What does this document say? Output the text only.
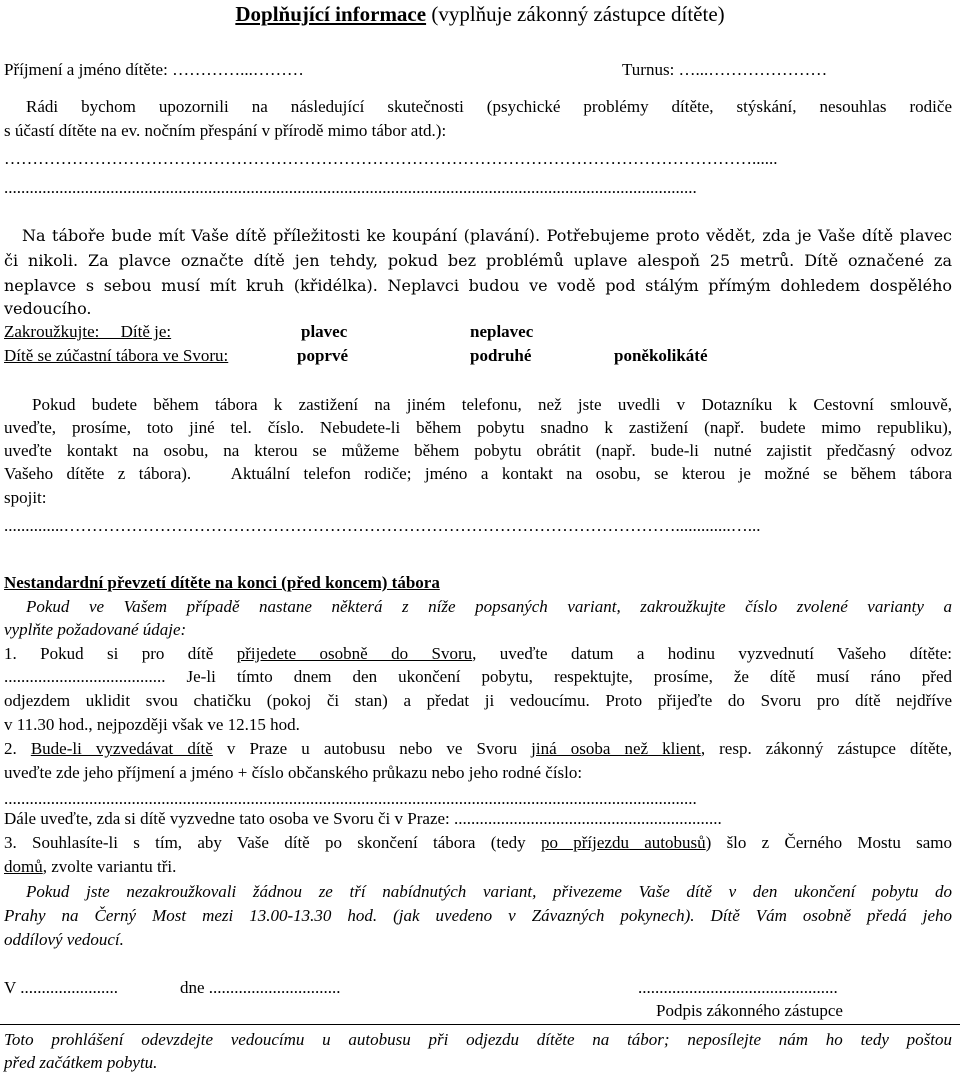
Doplňující informace (vyplňuje zákonný zástupce dítěte)
Příjmení a jméno dítěte: …………...………	Turnus: …...…………………
Rádi bychom upozornili na následující skutečnosti (psychické problémy dítěte, stýskání, nesouhlas rodiče
s účastí dítěte na ev. nočním přespání v přírodě mimo tábor atd.):
……………………………………………………………………………………………………………………......
...................................................................................................................................................................
Na táboře bude mít Vaše dítě příležitosti ke koupání (plavání). Potřebujeme proto vědět, zda je Vaše dítě plavec
či nikoli. Za plavce označte dítě jen tehdy, pokud bez problémů uplave alespoň 25 metrů. Dítě označené za
neplavce s sebou musí mít kruh (křidélka). Neplavci budou ve vodě pod stálým přímým dohledem dospělého
vedoucího.
Zakroužkujte:     Dítě je:	plavec	neplavec
Dítě se zúčastní tábora ve Svoru:	poprvé	podruhé	poněkolikáté
Pokud budete během tábora k zastižení na jiném telefonu, než jste uvedli v Dotazníku k Cestovní smlouvě,
uveďte, prosíme, toto jiné tel. číslo. Nebudete-li během pobytu snadno k zastižení (např. budete mimo republiku),
uveďte kontakt na osobu, na kterou se můžeme během pobytu obrátit (např. bude-li nutné zajistit předčasný odvoz
Vašeho dítěte z tábora).   Aktuální telefon rodiče; jméno a kontakt na osobu, se kterou je možné se během tábora
spojit:
..............……………………………………………………………………………………………….............…...
Nestandardní převzetí dítěte na konci (před koncem) tábora
Pokud ve Vašem případě nastane některá z níže popsaných variant, zakroužkujte číslo zvolené varianty a
vyplňte požadované údaje:
1. Pokud si pro dítě přijedete osobně do Svoru, uveďte datum a hodinu vyzvednutí Vašeho dítěte:
...................................... Je-li tímto dnem den ukončení pobytu, respektujte, prosíme, že dítě musí ráno před
odjezdem uklidit svou chatičku (pokoj či stan) a předat ji vedoucímu. Proto přijeďte do Svoru pro dítě nejdříve
v 11.30 hod., nejpozději však ve 12.15 hod.
2. Bude-li vyzvedávat dítě v Praze u autobusu nebo ve Svoru jiná osoba než klient, resp. zákonný zástupce dítěte,
uveďte zde jeho příjmení a jméno + číslo občanského průkazu nebo jeho rodné číslo:
...................................................................................................................................................................
Dále uveďte, zda si dítě vyzvedne tato osoba ve Svoru či v Praze: ...............................................................
3. Souhlasíte-li s tím, aby Vaše dítě po skončení tábora (tedy po příjezdu autobusů) šlo z Černého Mostu samo
domů, zvolte variantu tři.
Pokud jste nezakroužkovali žádnou ze tří nabídnutých variant, přivezeme Vaše dítě v den ukončení pobytu do
Prahy na Černý Most mezi 13.00-13.30 hod. (jak uvedeno v Závazných pokynech). Dítě Vám osobně předá jeho
oddílový vedoucí.
V .......................	dne ...............................	...............................................
Podpis zákonného zástupce
Toto prohlášení odevzdejte vedoucímu u autobusu při odjezdu dítěte na tábor; neposílejte nám ho tedy poštou
před začátkem pobytu.
